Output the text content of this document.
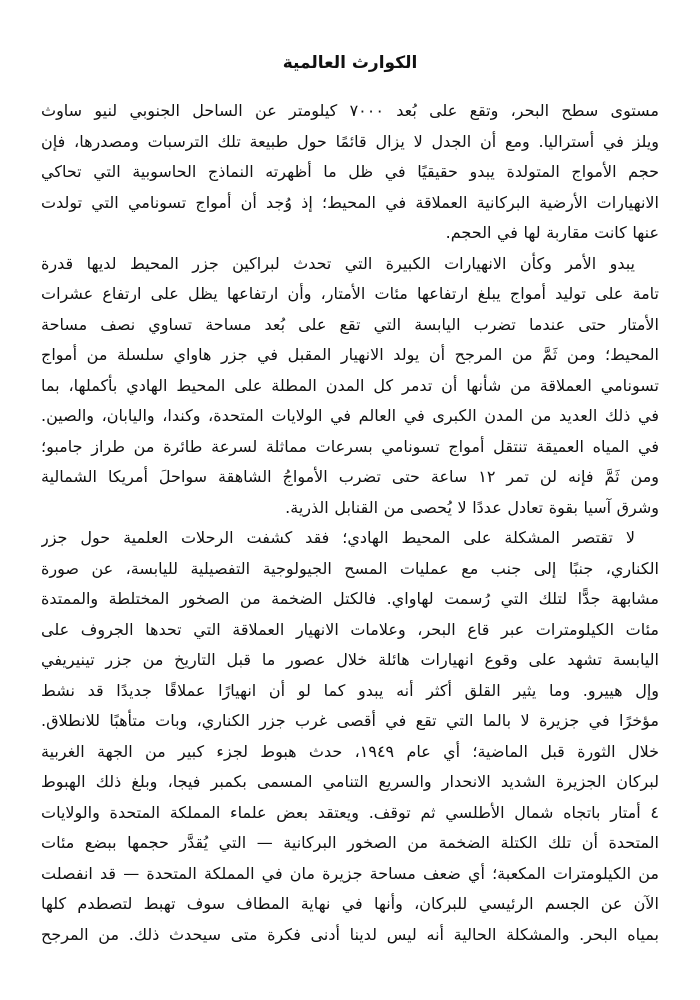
الكوارث العالمية
مستوى سطح البحر، وتقع على بُعد ٧٠٠٠ كيلومتر عن الساحل الجنوبي لنيو ساوث
ويلز في أستراليا. ومع أن الجدل لا يزال قائمًا حول طبيعة تلك الترسبات ومصدرها، فإن
حجم الأمواج المتولدة يبدو حقيقيًا في ظل ما أظهرته النماذج الحاسوبية التي تحاكي
الانهيارات الأرضية البركانية العملاقة في المحيط؛ إذ وُجد أن أمواج تسونامي التي تولدت
عنها كانت مقاربة لها في الحجم.
يبدو الأمر وكأن الانهيارات الكبيرة التي تحدث لبراكين جزر المحيط لديها قدرة
تامة على توليد أمواج يبلغ ارتفاعها مئات الأمتار، وأن ارتفاعها يظل على ارتفاع عشرات
الأمتار حتى عندما تضرب اليابسة التي تقع على بُعد مساحة تساوي نصف مساحة
المحيط؛ ومن ثَمَّ من المرجح أن يولد الانهيار المقبل في جزر هاواي سلسلة من أمواج
تسونامي العملاقة من شأنها أن تدمر كل المدن المطلة على المحيط الهادي بأكملها، بما
في ذلك العديد من المدن الكبرى في العالم في الولايات المتحدة، وكندا، واليابان، والصين.
في المياه العميقة تنتقل أمواج تسونامي بسرعات مماثلة لسرعة طائرة من طراز جامبو؛
ومن ثَمَّ فإنه لن تمر ١٢ ساعة حتى تضرب الأمواجُ الشاهقة سواحلَ أمريكا الشمالية
وشرق آسيا بقوة تعادل عددًا لا يُحصى من القنابل الذرية.
لا تقتصر المشكلة على المحيط الهادي؛ فقد كشفت الرحلات العلمية حول جزر
الكناري، جنبًا إلى جنب مع عمليات المسح الجيولوجية التفصيلية لليابسة، عن صورة
مشابهة جدًّا لتلك التي رُسمت لهاواي. فالكتل الضخمة من الصخور المختلطة والممتدة
مئات الكيلومترات عبر قاع البحر، وعلامات الانهيار العملاقة التي تحدها الجروف على
اليابسة تشهد على وقوع انهيارات هائلة خلال عصور ما قبل التاريخ من جزر تينيريفي
وإل هييرو. وما يثير القلق أكثر أنه يبدو كما لو أن انهيارًا عملاقًا جديدًا قد نشط
مؤخرًا في جزيرة لا بالما التي تقع في أقصى غرب جزر الكناري، وبات متأهبًا للانطلاق.
خلال الثورة قبل الماضية؛ أي عام ١٩٤٩، حدث هبوط لجزء كبير من الجهة الغربية
لبركان الجزيرة الشديد الانحدار والسريع التنامي المسمى بكمبر فيجا، وبلغ ذلك الهبوط
٤ أمتار باتجاه شمال الأطلسي ثم توقف. ويعتقد بعض علماء المملكة المتحدة والولايات
المتحدة أن تلك الكتلة الضخمة من الصخور البركانية — التي يُقدَّر حجمها ببضع مئات
من الكيلومترات المكعبة؛ أي ضعف مساحة جزيرة مان في المملكة المتحدة — قد انفصلت
الآن عن الجسم الرئيسي للبركان، وأنها في نهاية المطاف سوف تهبط لتصطدم كلها
بمياه البحر. والمشكلة الحالية أنه ليس لدينا أدنى فكرة متى سيحدث ذلك. من المرجح
